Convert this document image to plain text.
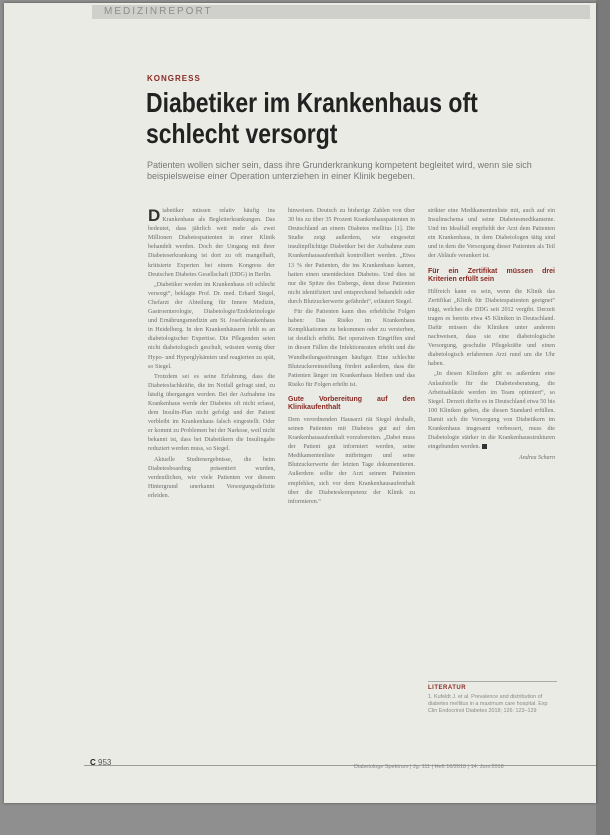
MEDIZINREPORT
KONGRESS
Diabetiker im Krankenhaus oft schlecht versorgt
Patienten wollen sicher sein, dass ihre Grunderkrankung kompetent begleitet wird, wenn sie sich beispielsweise einer Operation unterziehen in einer Klinik begeben.

Diabetiker müssen relativ häufig ins Krankenhaus als Begleiterkrankungen. Das bedeutet, dass jährlich weit mehr als zwei Millionen Diabetespatienten in einer Klinik behandelt werden. Doch der Umgang mit ihrer Diabeteserkrankung ist dort zu oft mangelhaft, kritisierte Experten bei einem Kongress der Deutschen Diabetes Gesellschaft (DDG) in Berlin.

„Diabetiker werden im Krankenhaus oft schlecht versorgt“, beklagte Prof. Dr. med. Erhard Siegel, Chefarzt der Abteilung für Innere Medizin, Gastroenterologie, Diabetologie/Endokrinologie und Ernährungsmedizin am St. Josefskrankenhaus in Heidelberg. In den Krankenhäusern fehlt es an diabetologischer Expertise. Die Pflegenden seien nicht diabetologisch geschult, wüssten wenig über Hypo- und Hyperglykämien und reagierten zu spät, so Siegel.

Trotzdem sei es seine Erfahrung, dass die Diabetesfachkräfte, die im Notfall gefragt sind, zu häufig übergangen werden. Bei der Aufnahme ins Krankenhaus werde der Diabetes oft nicht erfasst, dem Insulin-Plan nicht gefolgt und der Patient verbleibt im Krankenhaus falsch eingestellt. Oder er kommt zu Problemen bei der Narkose, weil nicht bekannt ist, dass bei Diabetikern die Insulingabe reduziert werden muss, so Siegel.

Aktuelle Studienergebnisse, die beim Diabetesboarding präsentiert wurden, verdeutlichen, wie viele Patienten vor diesem Hintergrund unerkannt Versorgungsdefizite erleiden.

hinweisen. Deutsch zu bisherige Zahlen von über 30 bis zu über 35 Prozent Krankenhauspatienten in Deutschland an einem Diabetes mellitus [1]. Die Studie zeigt außerdem, wie eingesetzt insulinpflichtige Diabetiker bei der Aufnahme zum Krankenhausaufenthalt kontrolliert werden. „Etwa 13 % der Patienten, die ins Krankenhaus kamen, hatten einen unentdeckten Diabetes. Und dies ist nur die Spitze des Eisbergs, denn diese Patienten nicht identifiziert und entsprechend behandelt oder durch Blutzuckerwerte gefährdet“, erläutert Siegel.

Für die Patienten kann dies erhebliche Folgen haben: Das Risiko im Krankenhaus Komplikationen zu bekommen oder zu versterben, ist deutlich erhöht. Bei operativen Eingriffen sind in diesen Fällen die Infektionsraten erhöht und die Wundheilungsstörungen häufiger. Eine schlechte Blutzuckereinstellung fördert außerdem, dass die Patienten länger im Krankenhaus bleiben und das Risiko für Folgen erhöht ist.

Gute Vorbereitung auf den Klinikaufenthalt

Dem verordnenden Hausarzt rät Siegel deshalb, seinen Patienten mit Diabetes gut auf den Krankenhausaufenthalt vorzubereiten. „Dabei muss der Patient gut informiert werden, seine Medikamentenliste mitbringen und seine Blutzuckerwerte der letzten Tage dokumentieren. Außerdem sollte der Arzt seinem Patienten empfehlen, sich vor dem Krankenhausaufenthalt über die Diabeteskompetenz der Klinik zu informieren.“

strikter eine Medikamentenliste mit, auch auf ein Insulinschema und seine Diabetesmedikamente. Und im Idealfall empfiehlt der Arzt dem Patienten ein Krankenhaus, in dem Diabetologen tätig sind und in dem die Versorgung dieser Patienten als Teil der Abläufe verankert ist.

Für ein Zertifikat müssen drei Kriterien erfüllt sein

Hilfreich kann es sein, wenn die Klinik das Zertifikat „Klinik für Diabetespatienten geeignet“ trägt, welches die DDG seit 2012 vergibt. Derzeit tragen es bereits etwa 45 Kliniken in Deutschland. Dafür müssen die Kliniken unter anderem nachweisen, dass sie eine diabetologische Versorgung, geschulte Pflegekräfte und einen diabetologisch erfahrenen Arzt rund um die Uhr haben.

„In diesen Kliniken gibt es außerdem eine Anlaufstelle für die Diabetesberatung, die Arbeitsabläufe werden im Team optimiert“, so Siegel. Derzeit dürfte es in Deutschland etwa 50 bis 100 Kliniken geben, die diesen Standard erfüllen. Damit sich die Versorgung von Diabetikern im Krankenhaus insgesamt verbessert, muss die Diabetologie stärker in die Krankenhausstrukturen eingebunden werden.

Andrea Scharn
LITERATUR
1. Kufeldt J. et al. Prevalence and distribution of diabetes mellitus in a maximum care hospital. Exp Clin Endocrinol Diabetes 2018; 126: 123–129
C 953	Diabetologe Spektrum | Jg. 111 | Heft 16/2018 | 14. Juni 2018
